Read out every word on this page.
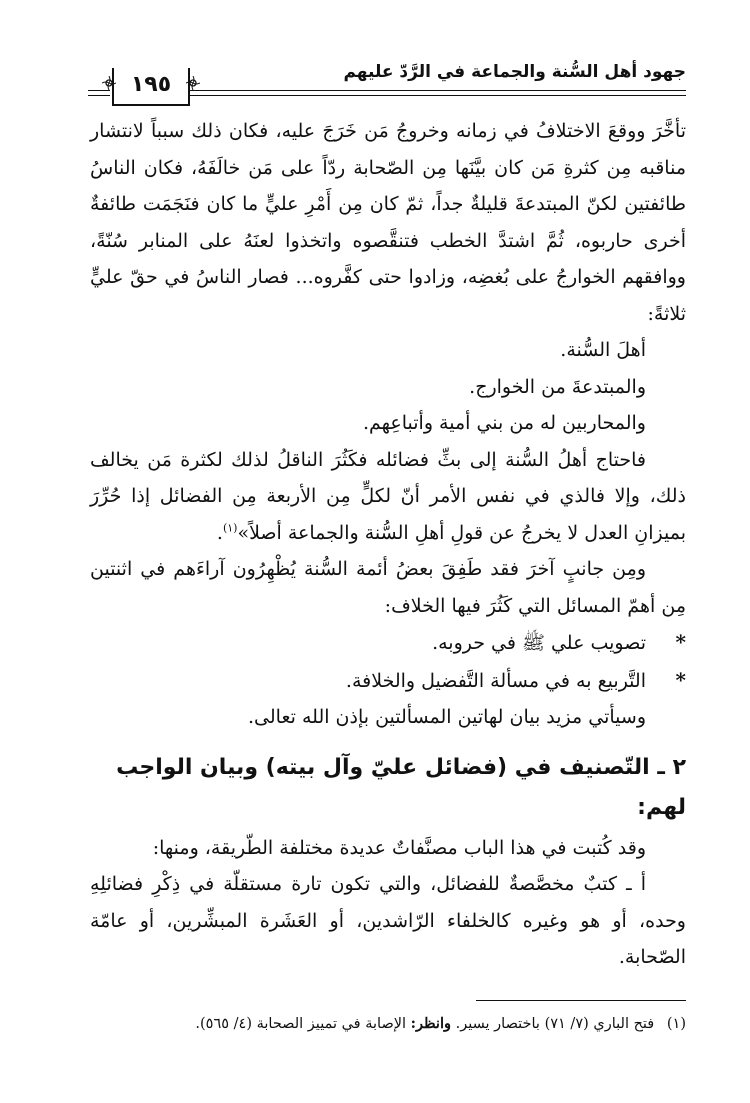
جهود أهل السُّنة والجماعة في الرَّدّ عليهم
١٩٥

تأخَّرَ ووقعَ الاختلافُ في زمانه وخروجُ مَن خَرَجَ عليه، فكان ذلك سبباً لانتشار مناقبه مِن كثرةِ مَن كان بيَّنَها مِن الصّحابة ردّاً على مَن خالَفَهُ، فكان الناسُ طائفتين لكنّ المبتدعةَ قليلةٌ جداً، ثمّ كان مِن أَمْرِ عليٍّ ما كان فنَجَمَت طائفةٌ أخرى حاربوه، ثُمَّ اشتدَّ الخطب فتنقَّصوه واتخذوا لعنَهُ على المنابر سُنّةً، ووافقهم الخوارجُ على بُغضِه، وزادوا حتى كفَّروه... فصار الناسُ في حقّ عليٍّ ثلاثةً:

أهلَ السُّنة.

والمبتدعةَ من الخوارج.

والمحاربين له من بني أمية وأتباعِهم.

فاحتاج أهلُ السُّنة إلى بثِّ فضائله فكَثُرَ الناقلُ لذلك لكثرة مَن يخالف ذلك، وإلا فالذي في نفس الأمر أنّ لكلٍّ مِن الأربعة مِن الفضائل إذا حُرِّرَ بميزانِ العدل لا يخرجُ عن قولِ أهلِ السُّنة والجماعة أصلاً»$^{(١)}$.

ومِن جانبٍ آخرَ فقد طَفِقَ بعضُ أئمة السُّنة يُظْهِرُون آراءَهم في اثنتين مِن أهمّ المسائل التي كَثُرَ فيها الخلاف:

*
تصويب علي ﷺ في حروبه.
*
التَّربيع به في مسألة التَّفضيل والخلافة.

وسيأتي مزيد بيان لهاتين المسألتين بإذن الله تعالى.

٢ ـ التّصنيف في (فضائل عليّ وآل بيته) وبيان الواجب لهم:

وقد كُتبت في هذا الباب مصنَّفاتٌ عديدة مختلفة الطّريقة، ومنها:

أ ـ كتبٌ مخصَّصةٌ للفضائل، والتي تكون تارة مستقلّة في ذِكْرِ فضائلِهِ وحده، أو هو وغيره كالخلفاء الرّاشدين، أو العَشَرة المبشِّرين، أو عامّة الصّحابة.

(١) فتح الباري (٧/ ٧١) باختصار يسير. وانظر: الإصابة في تمييز الصحابة (٤/ ٥٦٥).
